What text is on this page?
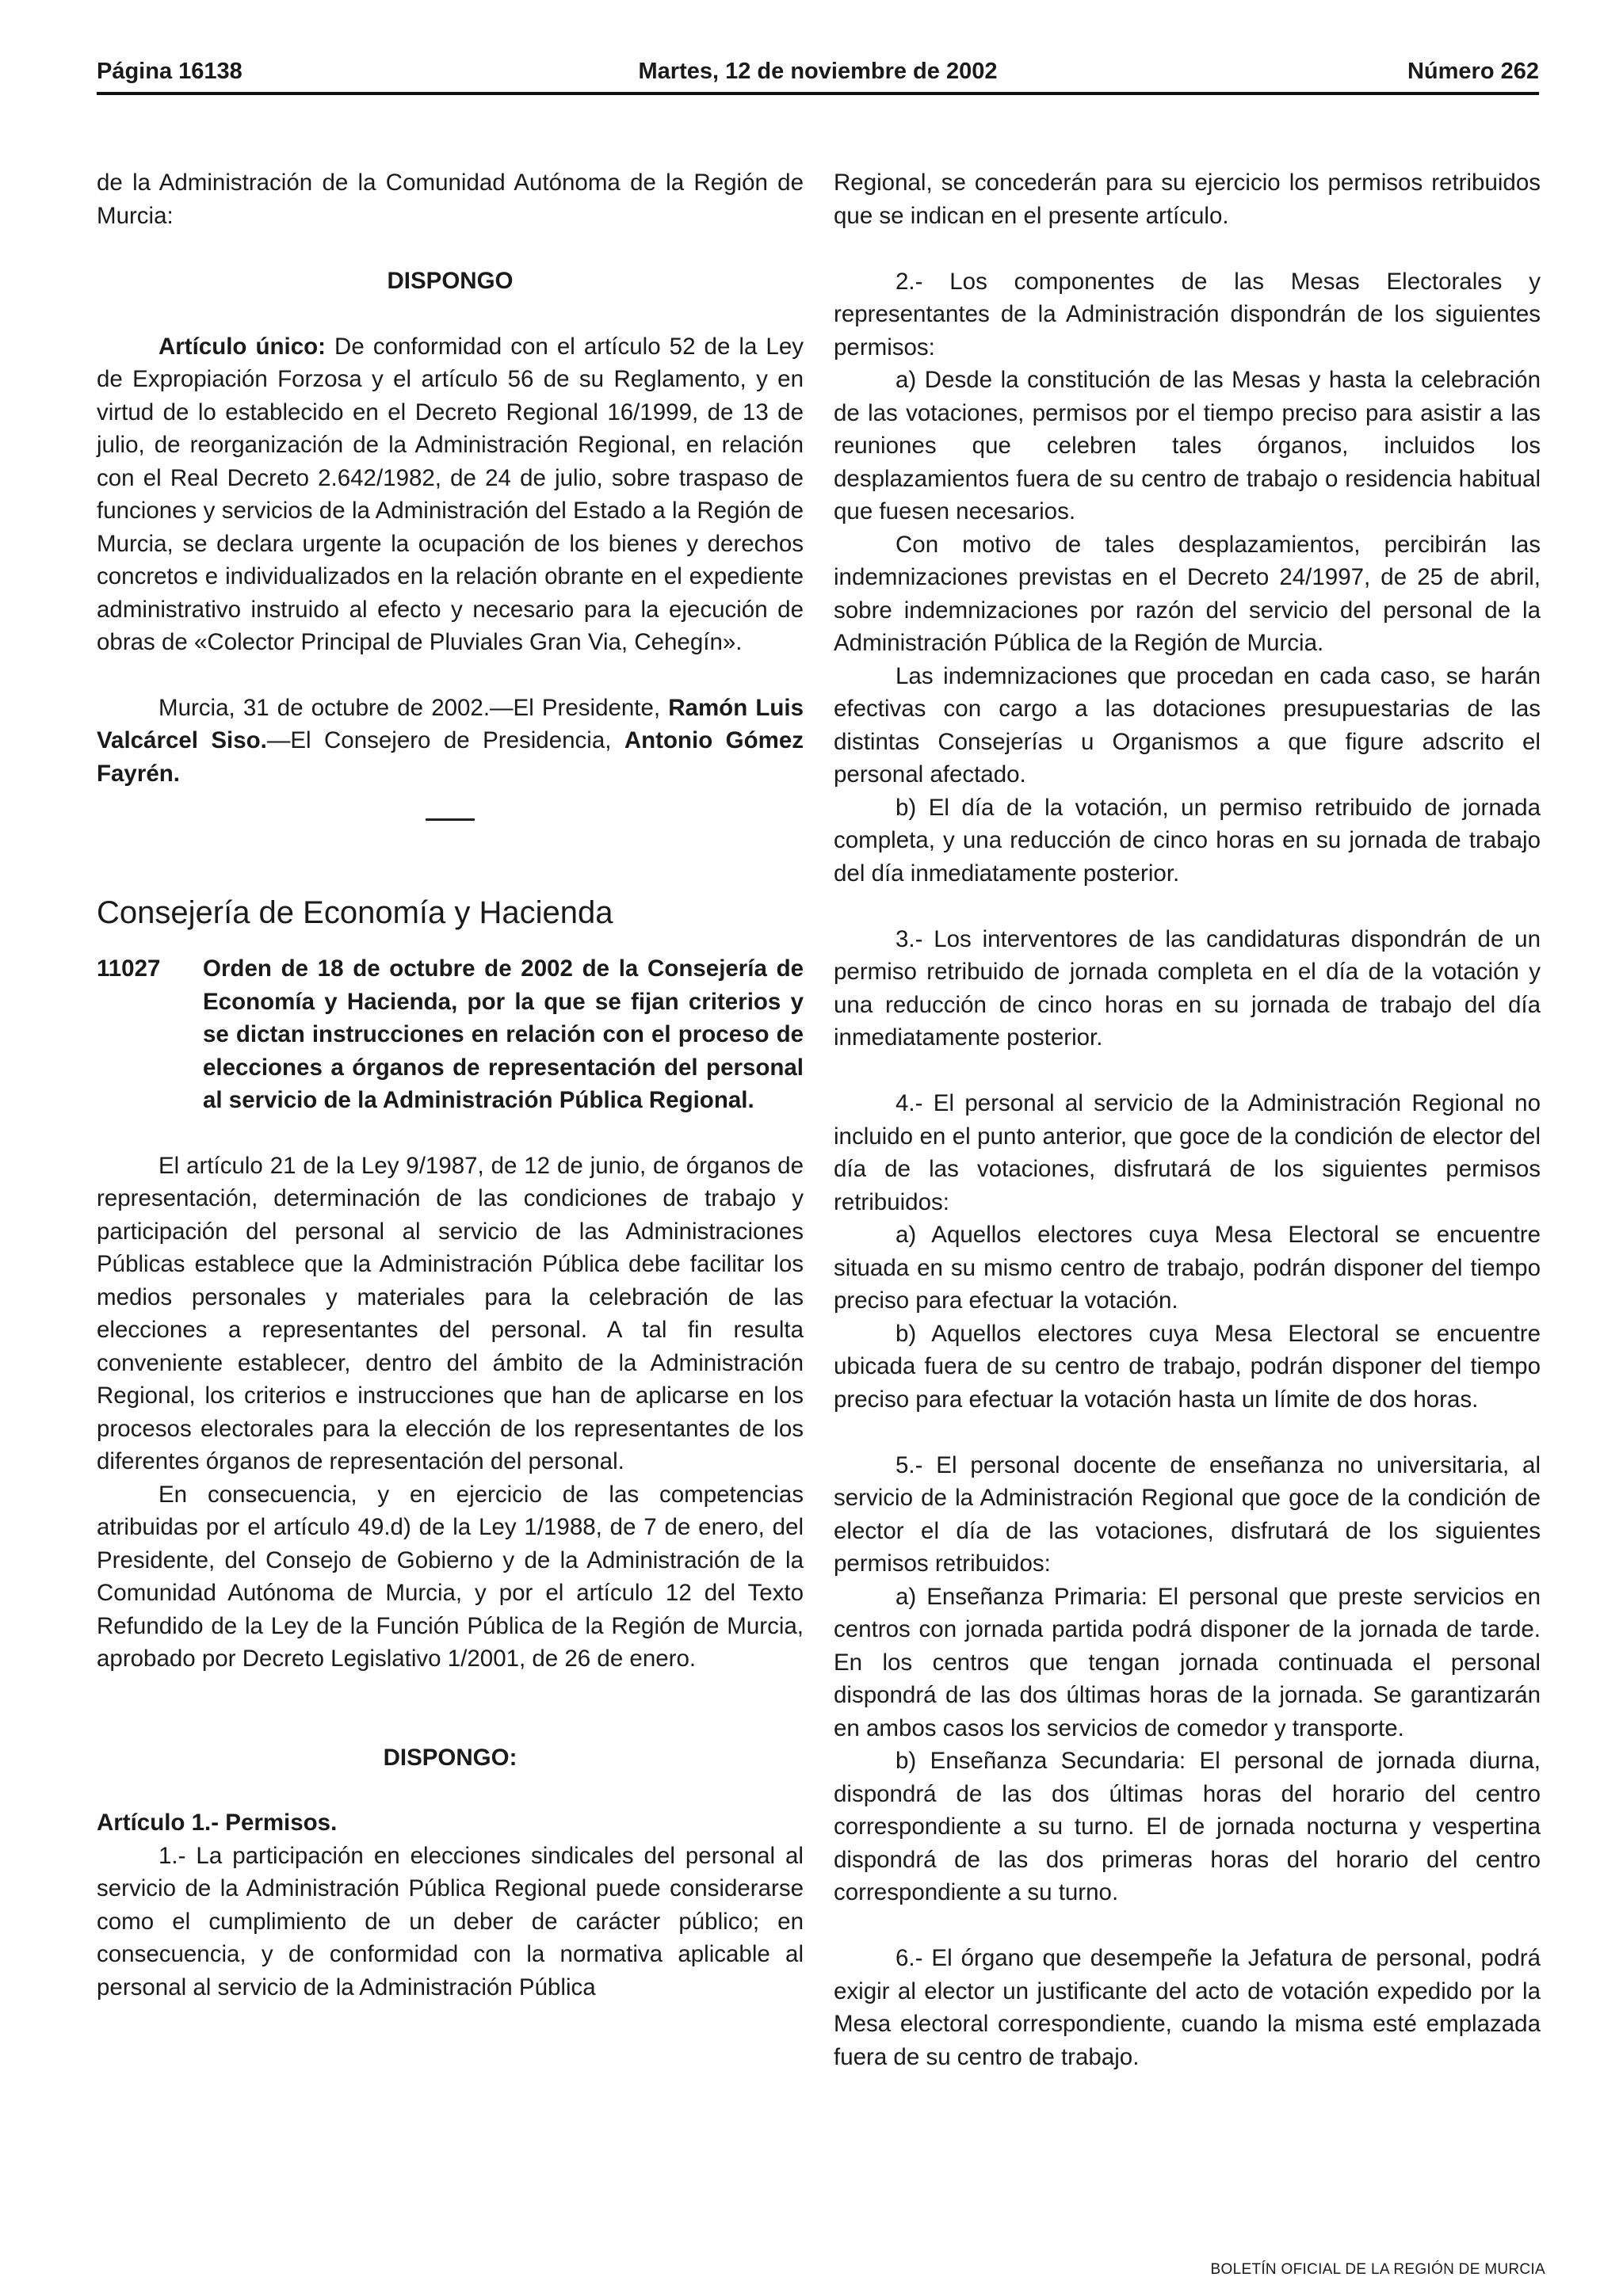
Página 16138	Martes, 12 de noviembre de 2002	Número 262

de la Administración de la Comunidad Autónoma de la Región de Murcia:

DISPONGO

Artículo único: De conformidad con el artículo 52 de la Ley de Expropiación Forzosa y el artículo 56 de su Reglamento, y en virtud de lo establecido en el Decreto Regional 16/1999, de 13 de julio, de reorganización de la Administración Regional, en relación con el Real Decreto 2.642/1982, de 24 de julio, sobre traspaso de funciones y servicios de la Administración del Estado a la Región de Murcia, se declara urgente la ocupación de los bienes y derechos concretos e individualizados en la relación obrante en el expediente administrativo instruido al efecto y necesario para la ejecución de obras de «Colector Principal de Pluviales Gran Via, Cehegín».

Murcia, 31 de octubre de 2002.—El Presidente, Ramón Luis Valcárcel Siso.—El Consejero de Presidencia, Antonio Gómez Fayrén.

Consejería de Economía y Hacienda

11027	Orden de 18 de octubre de 2002 de la Consejería de Economía y Hacienda, por la que se fijan criterios y se dictan instrucciones en relación con el proceso de elecciones a órganos de representación del personal al servicio de la Administración Pública Regional.

El artículo 21 de la Ley 9/1987, de 12 de junio, de órganos de representación, determinación de las condiciones de trabajo y participación del personal al servicio de las Administraciones Públicas establece que la Administración Pública debe facilitar los medios personales y materiales para la celebración de las elecciones a representantes del personal. A tal fin resulta conveniente establecer, dentro del ámbito de la Administración Regional, los criterios e instrucciones que han de aplicarse en los procesos electorales para la elección de los representantes de los diferentes órganos de representación del personal.

En consecuencia, y en ejercicio de las competencias atribuidas por el artículo 49.d) de la Ley 1/1988, de 7 de enero, del Presidente, del Consejo de Gobierno y de la Administración de la Comunidad Autónoma de Murcia, y por el artículo 12 del Texto Refundido de la Ley de la Función Pública de la Región de Murcia, aprobado por Decreto Legislativo 1/2001, de 26 de enero.

DISPONGO:

Artículo 1.- Permisos.

1.- La participación en elecciones sindicales del personal al servicio de la Administración Pública Regional puede considerarse como el cumplimiento de un deber de carácter público; en consecuencia, y de conformidad con la normativa aplicable al personal al servicio de la Administración Pública

Regional, se concederán para su ejercicio los permisos retribuidos que se indican en el presente artículo.

2.- Los componentes de las Mesas Electorales y representantes de la Administración dispondrán de los siguientes permisos:

a) Desde la constitución de las Mesas y hasta la celebración de las votaciones, permisos por el tiempo preciso para asistir a las reuniones que celebren tales órganos, incluidos los desplazamientos fuera de su centro de trabajo o residencia habitual que fuesen necesarios.

Con motivo de tales desplazamientos, percibirán las indemnizaciones previstas en el Decreto 24/1997, de 25 de abril, sobre indemnizaciones por razón del servicio del personal de la Administración Pública de la Región de Murcia.

Las indemnizaciones que procedan en cada caso, se harán efectivas con cargo a las dotaciones presupuestarias de las distintas Consejerías u Organismos a que figure adscrito el personal afectado.

b) El día de la votación, un permiso retribuido de jornada completa, y una reducción de cinco horas en su jornada de trabajo del día inmediatamente posterior.

3.- Los interventores de las candidaturas dispondrán de un permiso retribuido de jornada completa en el día de la votación y una reducción de cinco horas en su jornada de trabajo del día inmediatamente posterior.

4.- El personal al servicio de la Administración Regional no incluido en el punto anterior, que goce de la condición de elector del día de las votaciones, disfrutará de los siguientes permisos retribuidos:

a) Aquellos electores cuya Mesa Electoral se encuentre situada en su mismo centro de trabajo, podrán disponer del tiempo preciso para efectuar la votación.

b) Aquellos electores cuya Mesa Electoral se encuentre ubicada fuera de su centro de trabajo, podrán disponer del tiempo preciso para efectuar la votación hasta un límite de dos horas.

5.- El personal docente de enseñanza no universitaria, al servicio de la Administración Regional que goce de la condición de elector el día de las votaciones, disfrutará de los siguientes permisos retribuidos:

a) Enseñanza Primaria: El personal que preste servicios en centros con jornada partida podrá disponer de la jornada de tarde. En los centros que tengan jornada continuada el personal dispondrá de las dos últimas horas de la jornada. Se garantizarán en ambos casos los servicios de comedor y transporte.

b) Enseñanza Secundaria: El personal de jornada diurna, dispondrá de las dos últimas horas del horario del centro correspondiente a su turno. El de jornada nocturna y vespertina dispondrá de las dos primeras horas del horario del centro correspondiente a su turno.

6.- El órgano que desempeñe la Jefatura de personal, podrá exigir al elector un justificante del acto de votación expedido por la Mesa electoral correspondiente, cuando la misma esté emplazada fuera de su centro de trabajo.

BOLETÍN OFICIAL DE LA REGIÓN DE MURCIA
